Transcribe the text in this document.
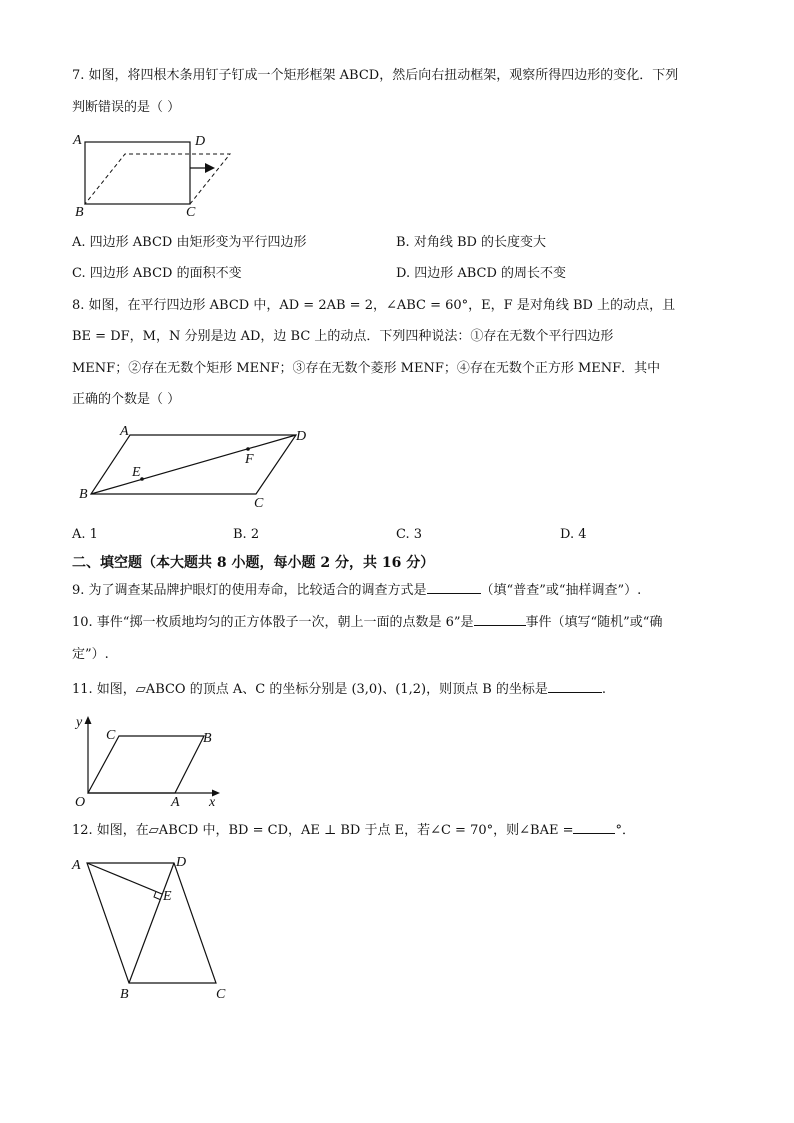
7. 如图，将四根木条用钉子钉成一个矩形框架 ABCD，然后向右扭动框架，观察所得四边形的变化．下列
判断错误的是（ ）
A	D
B	C
A. 四边形 ABCD 由矩形变为平行四边形	B. 对角线 BD 的长度变大
C. 四边形 ABCD 的面积不变	D. 四边形 ABCD 的周长不变
8. 如图，在平行四边形 ABCD 中，AD = 2AB = 2，∠ABC = 60°，E，F 是对角线 BD 上的动点，且
BE = DF，M，N 分别是边 AD，边 BC 上的动点．下列四种说法：①存在无数个平行四边形
MENF；②存在无数个矩形 MENF；③存在无数个菱形 MENF；④存在无数个正方形 MENF．其中
正确的个数是（ ）
A	D
B
C
E
F
A. 1	B. 2	C. 3	D. 4
二、填空题（本大题共 8 小题，每小题 2 分，共 16 分）
9. 为了调查某品牌护眼灯的使用寿命，比较适合的调查方式是	（填“普查”或“抽样调查”）.
10. 事件“掷一枚质地均匀的正方体骰子一次，朝上一面的点数是 6”是	事件（填写“随机”或“确
定”）.
11. 如图，▱ABCO 的顶点 A、C 的坐标分别是 (3,0)、(1,2)，则顶点 B 的坐标是	.
y
x
O	A
B
C
12. 如图，在▱ABCD 中，BD = CD，AE ⊥ BD 于点 E，若∠C = 70°，则∠BAE =	°．
A	D
E
B	C
